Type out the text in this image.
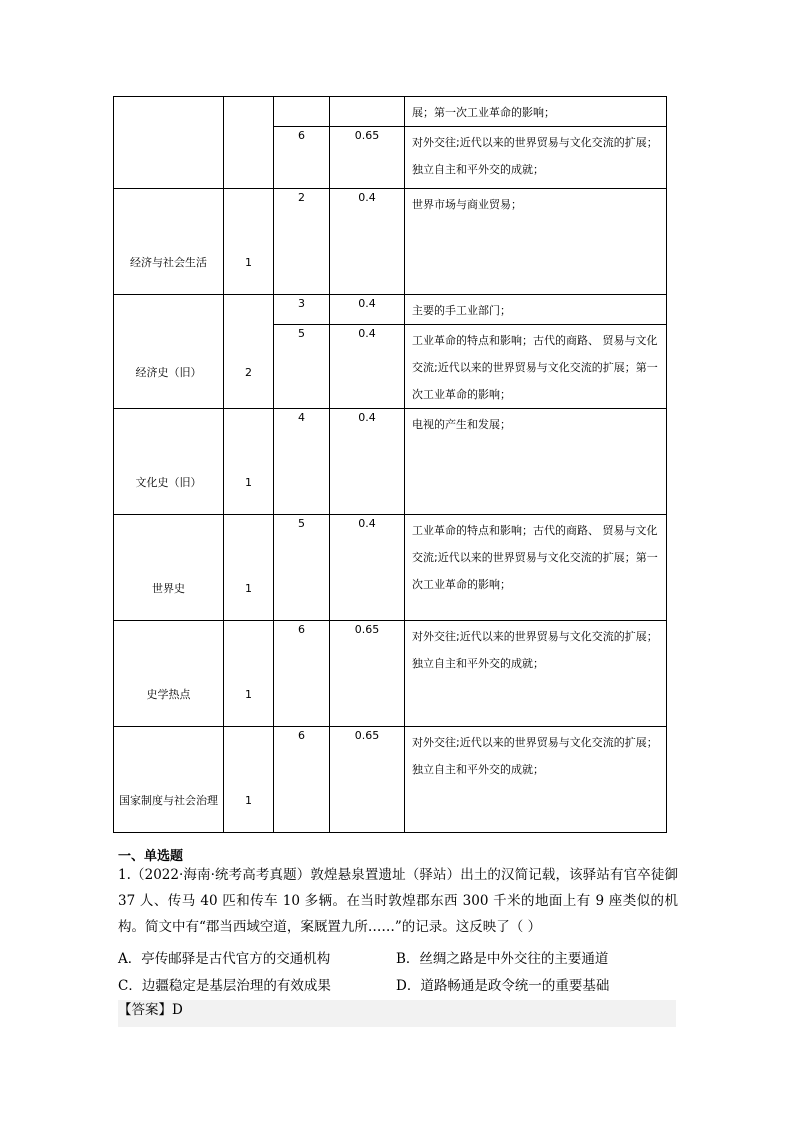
				展；第一次工业革命的影响；
		6	0.65	对外交往;近代以来的世界贸易与文化交流的扩展；独立自主和平外交的成就；
经济与社会生活	1	2	0.4	世界市场与商业贸易；
经济史（旧）	2	3	0.4	主要的手工业部门；
		5	0.4	工业革命的特点和影响；古代的商路、 贸易与文化交流;近代以来的世界贸易与文化交流的扩展；第一次工业革命的影响；
文化史（旧）	1	4	0.4	电视的产生和发展；
世界史	1	5	0.4	工业革命的特点和影响；古代的商路、 贸易与文化交流;近代以来的世界贸易与文化交流的扩展；第一次工业革命的影响；
史学热点	1	6	0.65	对外交往;近代以来的世界贸易与文化交流的扩展；独立自主和平外交的成就；
国家制度与社会治理	1	6	0.65	对外交往;近代以来的世界贸易与文化交流的扩展；独立自主和平外交的成就；
一、单选题
1.（2022·海南·统考高考真题）敦煌悬泉置遗址（驿站）出土的汉简记载，该驿站有官卒徒御 37 人、传马 40 匹和传车 10 多辆。在当时敦煌郡东西 300 千米的地面上有 9 座类似的机构。简文中有“郡当西域空道，案厩置九所……”的记录。这反映了（ ）
A．亭传邮驿是古代官方的交通机构	B．丝绸之路是中外交往的主要通道
C．边疆稳定是基层治理的有效成果	D．道路畅通是政令统一的重要基础
【答案】D
